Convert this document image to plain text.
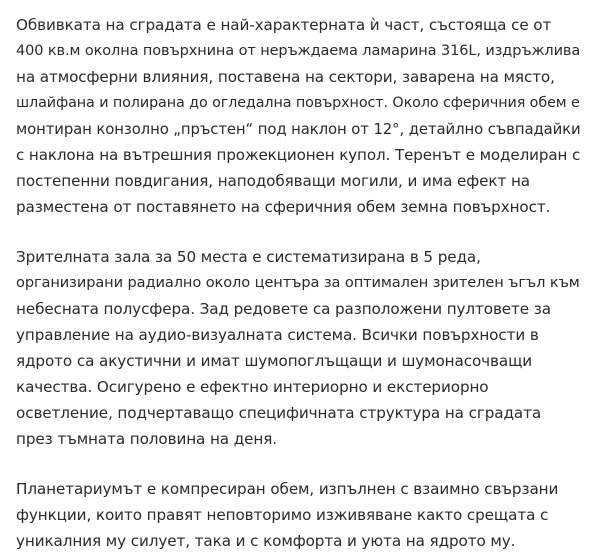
Обвивката на сградата е най-характерната ѝ част, състояща се от
400 кв.м околна повърхнина от неръждаема ламарина 316L, издръжлива
на атмосферни влияния, поставена на сектори, заварена на място,
шлайфана и полирана до огледална повърхност. Около сферичния обем е
монтиран конзолно „пръстен“ под наклон от 12°, детайлно съвпадайки
с наклона на вътрешния прожекционен купол. Теренът е моделиран с
постепенни повдигания, наподобяващи могили, и има ефект на
разместена от поставянето на сферичния обем земна повърхност.

Зрителната зала за 50 места е систематизирана в 5 реда,
организирани радиално около центъра за оптимален зрителен ъгъл към
небесната полусфера. Зад редовете са разположени пултовете за
управление на аудио-визуалната система. Всички повърхности в
ядрото са акустични и имат шумопоглъщащи и шумонасочващи
качества. Осигурено е ефектно интериорно и екстериорно
осветление, подчертаващо специфичната структура на сградата
през тъмната половина на деня.

Планетариумът е компресиран обем, изпълнен с взаимно свързани
функции, които правят неповторимо изживяване както срещата с
уникалния му силует, така и с комфорта и уюта на ядрото му.
